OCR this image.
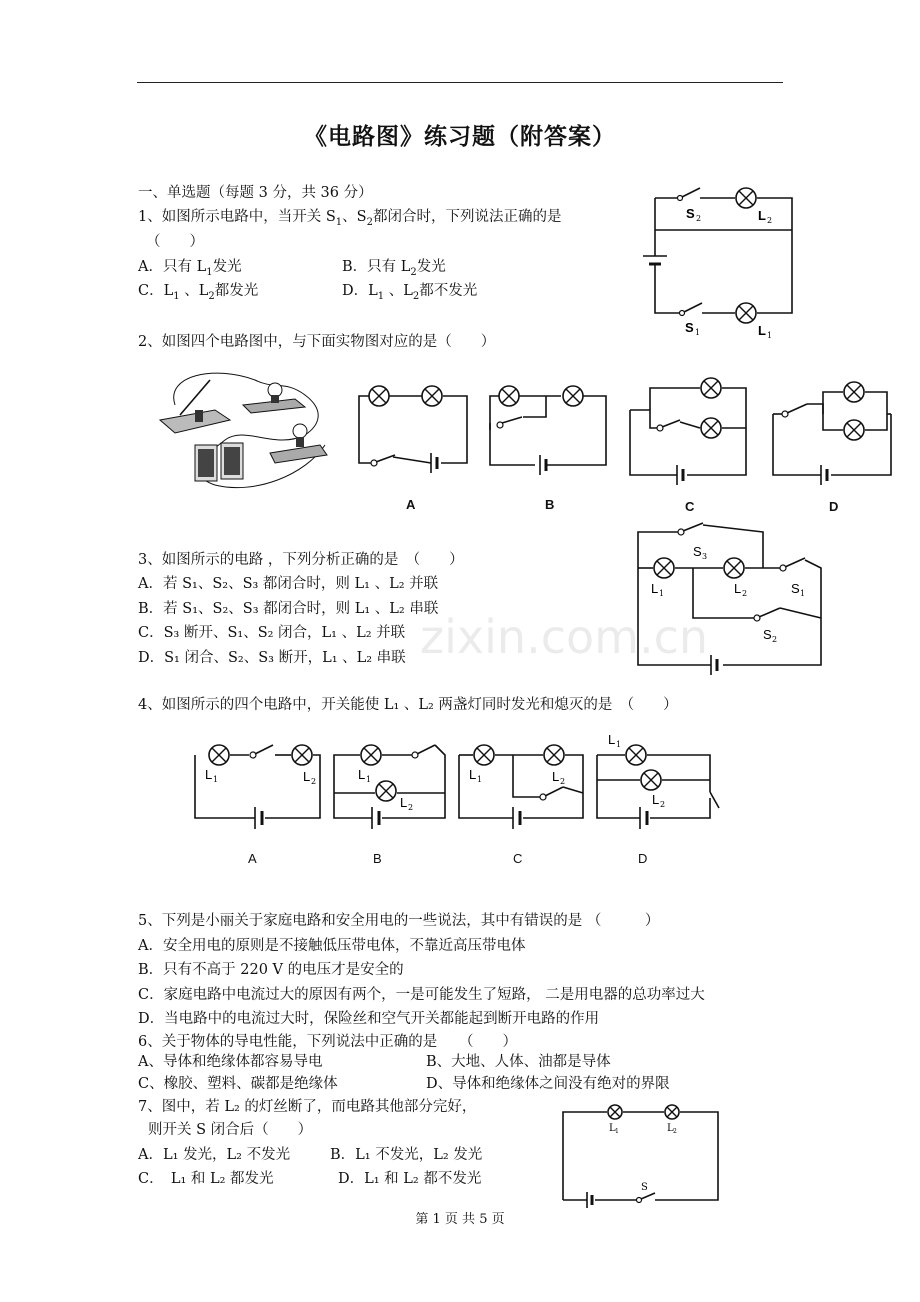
《电路图》练习题（附答案）
一、单选题（每题 3 分，共 36 分）
1、如图所示电路中，当开关 $S_1$、$S_2$都闭合时，下列说法正确的是
（　　）
A．只有 $L_1$发光	B．只有 $L_2$发光
C．$L_1$ 、$L_2$都发光	D．$L_1$ 、$L_2$都不发光
S 2	L 2
S 1	L 1
2、如图四个电路图中，与下面实物图对应的是（　　）
A	B	C	D
3、如图所示的电路 ，下列分析正确的是　（　　）
A．若 S₁、S₂、S₃ 都闭合时，则 L₁ 、L₂ 并联
B．若 S₁、S₂、S₃ 都闭合时，则 L₁ 、L₂ 串联
C．S₃ 断开、S₁、S₂ 闭合，L₁ 、L₂ 并联
D．S₁ 闭合、S₂、S₃ 断开，L₁ 、L₂ 串联
S 3
L 1	L 2	S 1
S 2
zixin.com.cn
4、如图所示的四个电路中，开关能使 L₁ 、L₂ 两盏灯同时发光和熄灭的是　（　　）
L 1	L 2	L 1
L 2
L 1	L 2
L 1
L 2
A	B	C	D
5、下列是小丽关于家庭电路和安全用电的一些说法，其中有错误的是 （　　　）
A．安全用电的原则是不接触低压带电体，不靠近高压带电体
B．只有不高于 220 V 的电压才是安全的
C．家庭电路中电流过大的原因有两个，一是可能发生了短路， 二是用电器的总功率过大
D．当电路中的电流过大时，保险丝和空气开关都能起到断开电路的作用
6、关于物体的导电性能，下列说法中正确的是　　（　　）
A、导体和绝缘体都容易导电	B、大地、人体、油都是导体
C、橡胶、塑料、碳都是绝缘体	D、导体和绝缘体之间没有绝对的界限
7、图中，若 L₂ 的灯丝断了，而电路其他部分完好，
则开关 S 闭合后（　　）
A．L₁ 发光，L₂ 不发光	B．L₁ 不发光，L₂ 发光
C．　L₁ 和 L₂ 都发光	D．L₁ 和 L₂ 都不发光
L 1	L 2
S
第 1 页 共 5 页
